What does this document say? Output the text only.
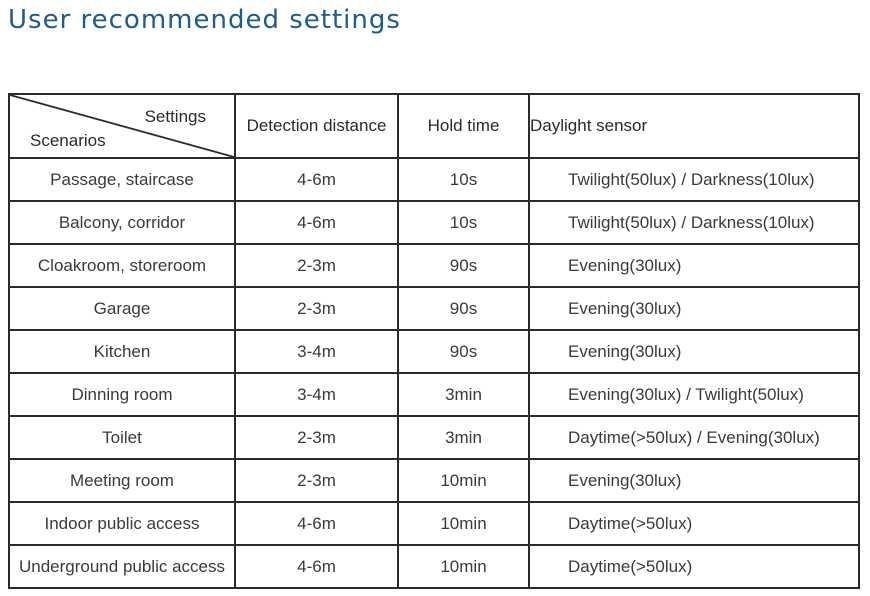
User recommended settings
Settings
Scenarios	Detection distance	Hold time	Daylight sensor
Passage, staircase	4-6m	10s	Twilight(50lux) / Darkness(10lux)
Balcony, corridor	4-6m	10s	Twilight(50lux) / Darkness(10lux)
Cloakroom, storeroom	2-3m	90s	Evening(30lux)
Garage	2-3m	90s	Evening(30lux)
Kitchen	3-4m	90s	Evening(30lux)
Dinning room	3-4m	3min	Evening(30lux) / Twilight(50lux)
Toilet	2-3m	3min	Daytime(>50lux) / Evening(30lux)
Meeting room	2-3m	10min	Evening(30lux)
Indoor public access	4-6m	10min	Daytime(>50lux)
Underground public access	4-6m	10min	Daytime(>50lux)
